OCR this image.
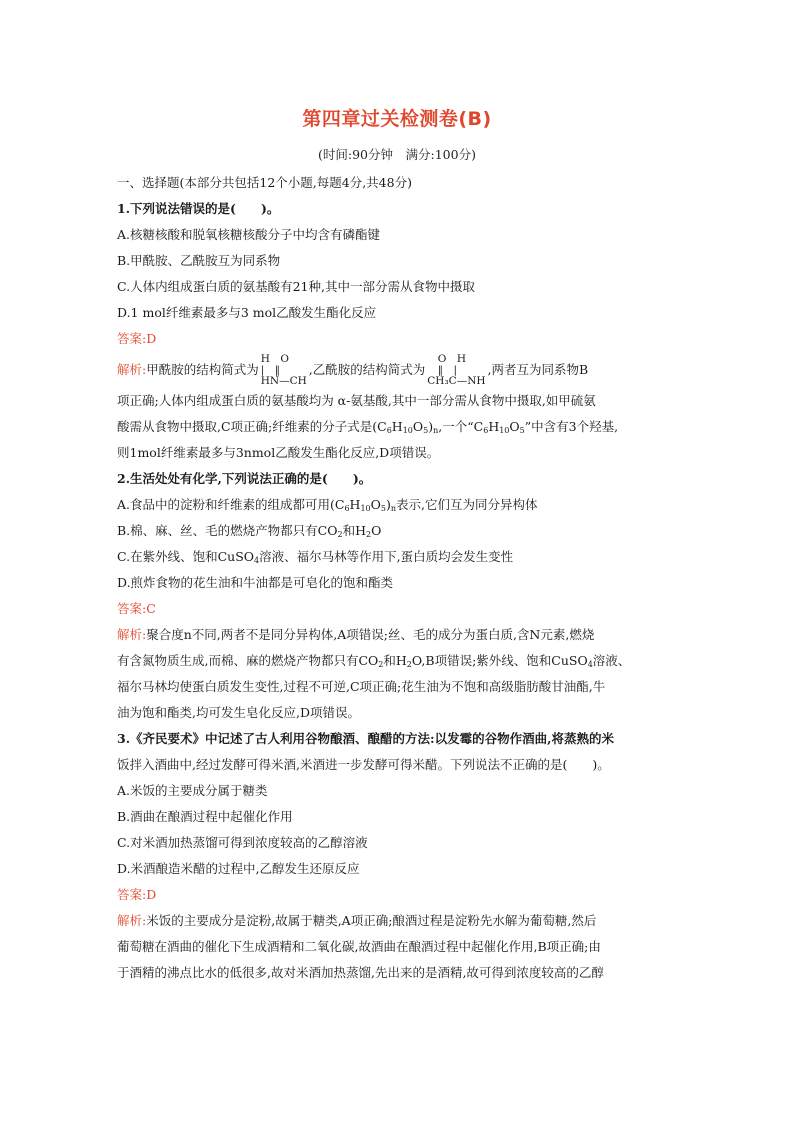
第四章过关检测卷(B)
(时间:90分钟　满分:100分)
一、选择题(本部分共包括12个小题,每题4分,共48分)
1.下列说法错误的是(　　)。
A.核糖核酸和脱氧核糖核酸分子中均含有磷酯键
B.甲酰胺、乙酰胺互为同系物
C.人体内组成蛋白质的氨基酸有21种,其中一部分需从食物中摄取
D.1 mol纤维素最多与3 mol乙酸发生酯化反应
答案:D
解析:甲酰胺的结构简式为
H　O
|　‖
HN—CH
,乙酰胺的结构简式为
　O　H
　‖　|
CH₃C—NH
,两者互为同系物B
项正确;人体内组成蛋白质的氨基酸均为 α-氨基酸,其中一部分需从食物中摄取,如甲硫氨
酸需从食物中摄取,C项正确;纤维素的分子式是$(C_6H_{10}O_5)_n$,一个“$C_6H_{10}O_5$”中含有3个羟基,
则1mol纤维素最多与3nmol乙酸发生酯化反应,D项错误。
2.生活处处有化学,下列说法正确的是(　　)。
A.食品中的淀粉和纤维素的组成都可用$(C_6H_{10}O_5)_n$表示,它们互为同分异构体
B.棉、麻、丝、毛的燃烧产物都只有$CO_2$和$H_2O$
C.在紫外线、饱和CuSO$_4$溶液、福尔马林等作用下,蛋白质均会发生变性
D.煎炸食物的花生油和牛油都是可皂化的饱和酯类
答案:C
解析:聚合度n不同,两者不是同分异构体,A项错误;丝、毛的成分为蛋白质,含N元素,燃烧
有含氮物质生成,而棉、麻的燃烧产物都只有$CO_2$和$H_2O,B$项错误;紫外线、饱和CuSO$_4$溶液、
福尔马林均使蛋白质发生变性,过程不可逆,C项正确;花生油为不饱和高级脂肪酸甘油酯,牛
油为饱和酯类,均可发生皂化反应,D项错误。
3.《齐民要术》中记述了古人利用谷物酿酒、酿醋的方法:以发霉的谷物作酒曲,将蒸熟的米
饭拌入酒曲中,经过发酵可得米酒,米酒进一步发酵可得米醋。下列说法不正确的是(　　)。
A.米饭的主要成分属于糖类
B.酒曲在酿酒过程中起催化作用
C.对米酒加热蒸馏可得到浓度较高的乙醇溶液
D.米酒酿造米醋的过程中,乙醇发生还原反应
答案:D
解析:米饭的主要成分是淀粉,故属于糖类,A项正确;酿酒过程是淀粉先水解为葡萄糖,然后
葡萄糖在酒曲的催化下生成酒精和二氧化碳,故酒曲在酿酒过程中起催化作用,B项正确;由
于酒精的沸点比水的低很多,故对米酒加热蒸馏,先出来的是酒精,故可得到浓度较高的乙醇
